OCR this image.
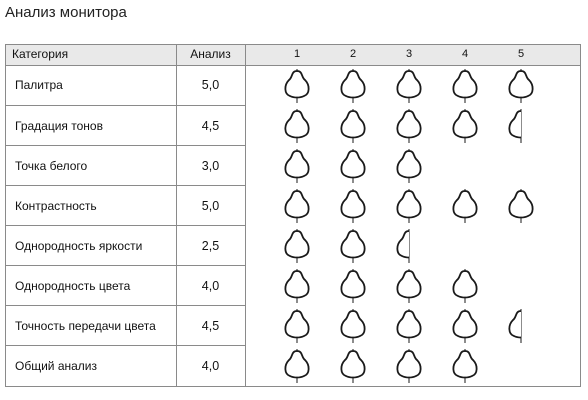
Анализ монитора
Категория	Анализ	1	2	3	4	5
Палитра	5,0
Градация тонов	4,5
Точка белого	3,0
Контрастность	5,0
Однородность яркости	2,5
Однородность цвета	4,0
Точность передачи цвета	4,5
Общий анализ	4,0
